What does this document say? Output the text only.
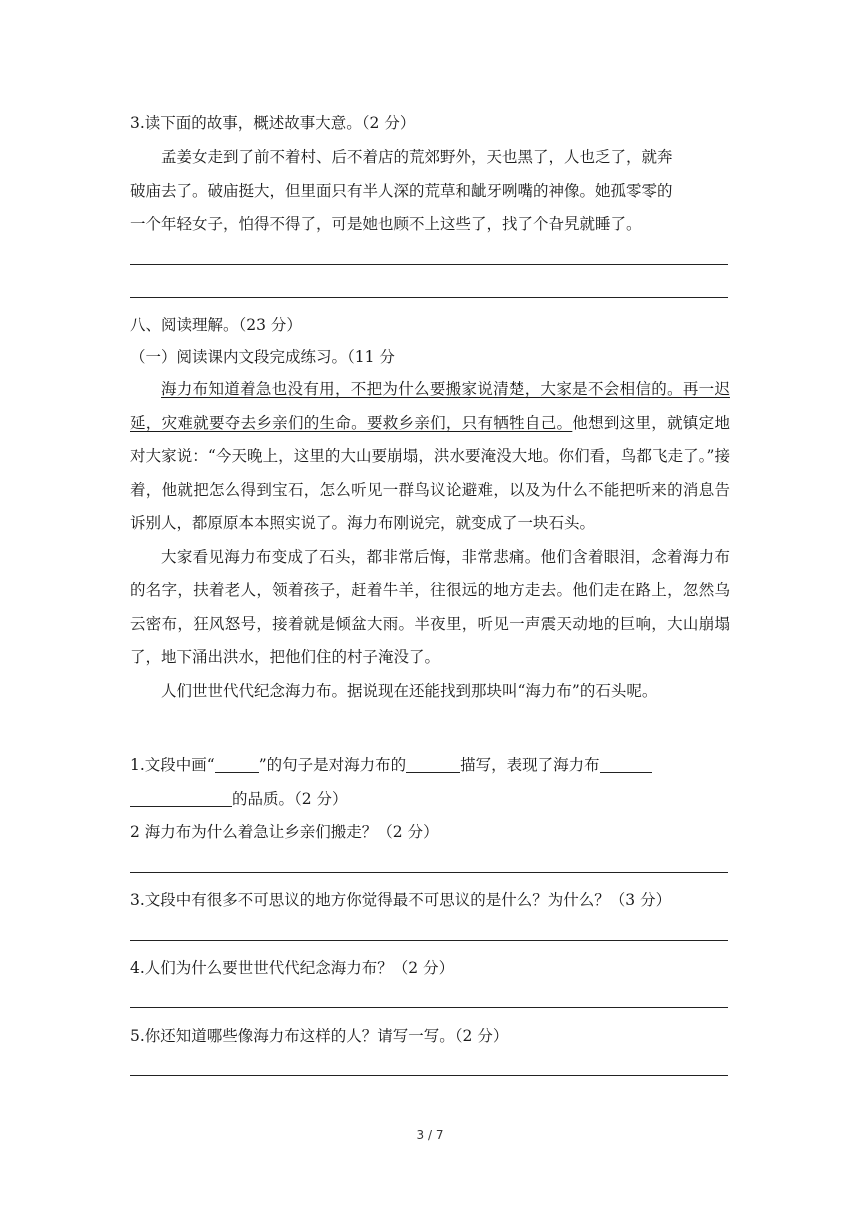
3.读下面的故事，概述故事大意。（2 分）

孟姜女走到了前不着村、后不着店的荒郊野外，天也黑了，人也乏了，就奔

破庙去了。破庙挺大，但里面只有半人深的荒草和龇牙咧嘴的神像。她孤零零的

一个年轻女子，怕得不得了，可是她也顾不上这些了，找了个旮旯就睡了。

八、阅读理解。（23 分）
（一）阅读课内文段完成练习。（11 分

海力布知道着急也没有用，不把为什么要搬家说清楚，大家是不会相信的。再一迟延，灾难就要夺去乡亲们的生命。要救乡亲们，只有牺牲自己。他想到这里，就镇定地对大家说：“今天晚上，这里的大山要崩塌，洪水要淹没大地。你们看，鸟都飞走了。”接着，他就把怎么得到宝石，怎么听见一群鸟议论避难，以及为什么不能把听来的消息告诉别人，都原原本本照实说了。海力布刚说完，就变成了一块石头。

大家看见海力布变成了石头，都非常后悔，非常悲痛。他们含着眼泪，念着海力布的名字，扶着老人，领着孩子，赶着牛羊，往很远的地方走去。他们走在路上，忽然乌云密布，狂风怒号，接着就是倾盆大雨。半夜里，听见一声震天动地的巨响，大山崩塌了，地下涌出洪水，把他们住的村子淹没了。

人们世世代代纪念海力布。据说现在还能找到那块叫“海力布”的石头呢。

1.文段中画“	”的句子是对海力布的	描写，表现了海力布
的品质。（2 分）
2 海力布为什么着急让乡亲们搬走？（2 分）
3.文段中有很多不可思议的地方你觉得最不可思议的是什么？为什么？（3 分）
4.人们为什么要世世代代纪念海力布？（2 分）
5.你还知道哪些像海力布这样的人？请写一写。（2 分）
3 / 7
